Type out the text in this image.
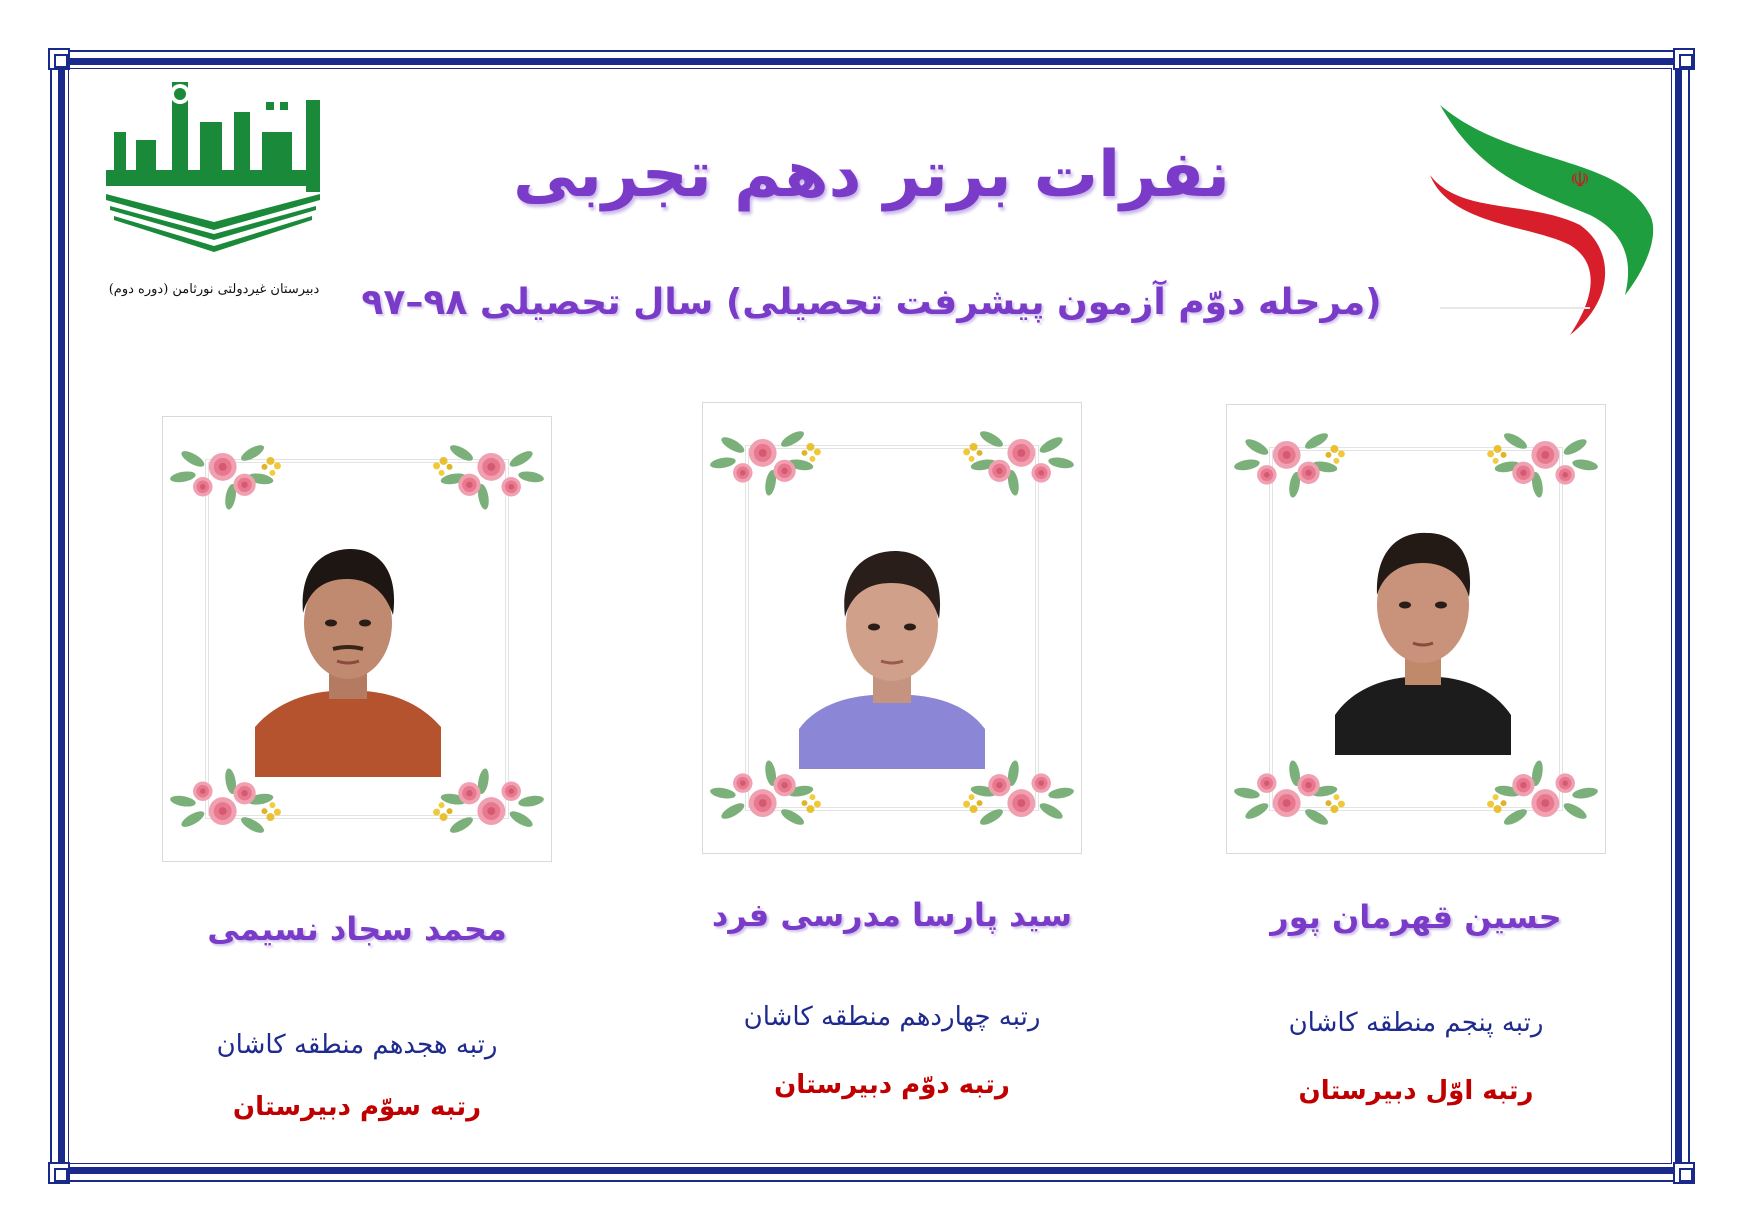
دبیرستان غیردولتی نورثامن (دوره دوم)
☫
نفرات برتر دهم تجربی
(مرحله دوّم آزمون پیشرفت تحصیلی) سال تحصیلی ۹۸–۹۷
حسین قهرمان پور
رتبه پنجم منطقه کاشان
رتبه اوّل دبیرستان
سید پارسا مدرسی فرد
رتبه چهاردهم منطقه کاشان
رتبه دوّم دبیرستان
محمد سجاد نسیمی
رتبه هجدهم منطقه کاشان
رتبه سوّم دبیرستان
